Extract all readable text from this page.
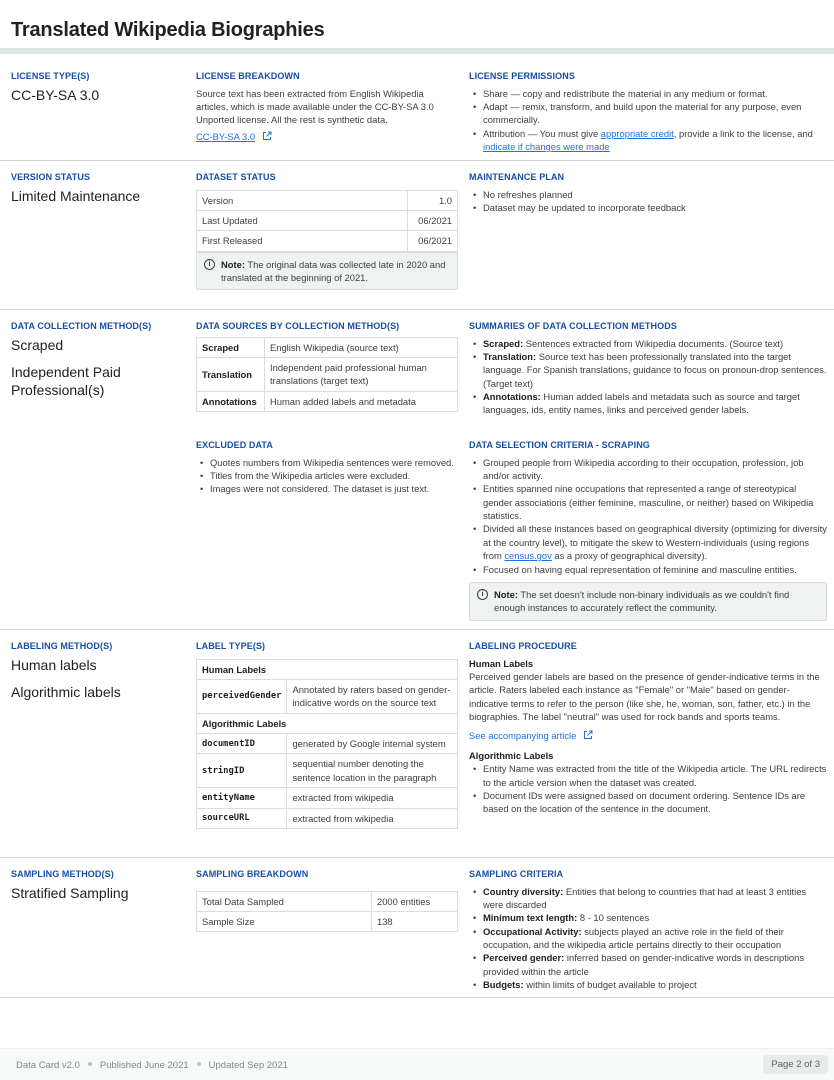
Translated Wikipedia Biographies
LICENSE TYPE(S)
CC-BY-SA 3.0
LICENSE BREAKDOWN
Source text has been extracted from English Wikipedia articles, which is made available under the CC-BY-SA 3.0 Unported license. All the rest is synthetic data.
CC-BY-SA 3.0
LICENSE PERMISSIONS
• Share — copy and redistribute the material in any medium or format.
• Adapt — remix, transform, and build upon the material for any purpose, even commercially.
• Attribution — You must give appropriate credit, provide a link to the license, and indicate if changes were made
VERSION STATUS
Limited Maintenance
DATASET STATUS
Version	1.0
Last Updated	06/2021
First Released	06/2021
i	Note: The original data was collected late in 2020 and translated at the beginning of 2021.
MAINTENANCE PLAN
• No refreshes planned
• Dataset may be updated to incorporate feedback
DATA COLLECTION METHOD(S)
Scraped
Independent Paid Professional(s)
DATA SOURCES BY COLLECTION METHOD(S)
Scraped	English Wikipedia (source text)
Translation	Independent paid professional human translations (target text)
Annotations	Human added labels and metadata
SUMMARIES OF DATA COLLECTION METHODS
• Scraped: Sentences extracted from Wikipedia documents. (Source text)
• Translation: Source text has been professionally translated into the target language. For Spanish translations, guidance to focus on pronoun-drop sentences. (Target text)
• Annotations: Human added labels and metadata such as source and target languages, ids, entity names, links and perceived gender labels.
EXCLUDED DATA
• Quotes numbers from Wikipedia sentences were removed.
• Titles from the Wikipedia articles were excluded.
• Images were not considered. The dataset is just text.
DATA SELECTION CRITERIA - SCRAPING
• Grouped people from Wikipedia according to their occupation, profession, job and/or activity.
• Entities spanned nine occupations that represented a range of stereotypical gender associations (either feminine, masculine, or neither) based on Wikipedia statistics.
• Divided all these instances based on geographical diversity (optimizing for diversity at the country level), to mitigate the skew to Western-individuals (using regions from census.gov as a proxy of geographical diversity).
• Focused on having equal representation of feminine and masculine entities.
i	Note: The set doesn't include non-binary individuals as we couldn't find enough instances to accurately reflect the community.
LABELING METHOD(S)
Human labels
Algorithmic labels
LABEL TYPE(S)
Human Labels	
perceivedGender	Annotated by raters based on gender-indicative words on the source text
Algorithmic Labels	
documentID	generated by Google internal system
stringID	sequential number denoting the sentence location in the paragraph
entityName	extracted from wikipedia
sourceURL	extracted from wikipedia
LABELING PROCEDURE
Human Labels
Perceived gender labels are based on the presence of gender-indicative terms in the article. Raters labeled each instance as "Female" or "Male" based on gender-indicative terms to refer to the person (like she, he, woman, son, father, etc.) in the biographies. The label "neutral" was used for rock bands and sports teams.
See accompanying article
Algorithmic Labels
• Entity Name was extracted from the title of the Wikipedia article. The URL redirects to the article version when the dataset was created.
• Document IDs were assigned based on document ordering. Sentence IDs are based on the location of the sentence in the document.
SAMPLING METHOD(S)
Stratified Sampling
SAMPLING BREAKDOWN
Total Data Sampled	2000 entities
Sample Size	138
SAMPLING CRITERIA
• Country diversity: Entities that belong to countries that had at least 3 entities were discarded
• Minimum text length: 8 - 10 sentences
• Occupational Activity: subjects played an active role in the field of their occupation, and the wikipedia article pertains directly to their occupation
• Perceived gender: inferred based on gender-indicative words in descriptions provided within the article
• Budgets: within limits of budget available to project
Data Card v2.0 Published June 2021 Updated Sep 2021	Page 2 of 3
